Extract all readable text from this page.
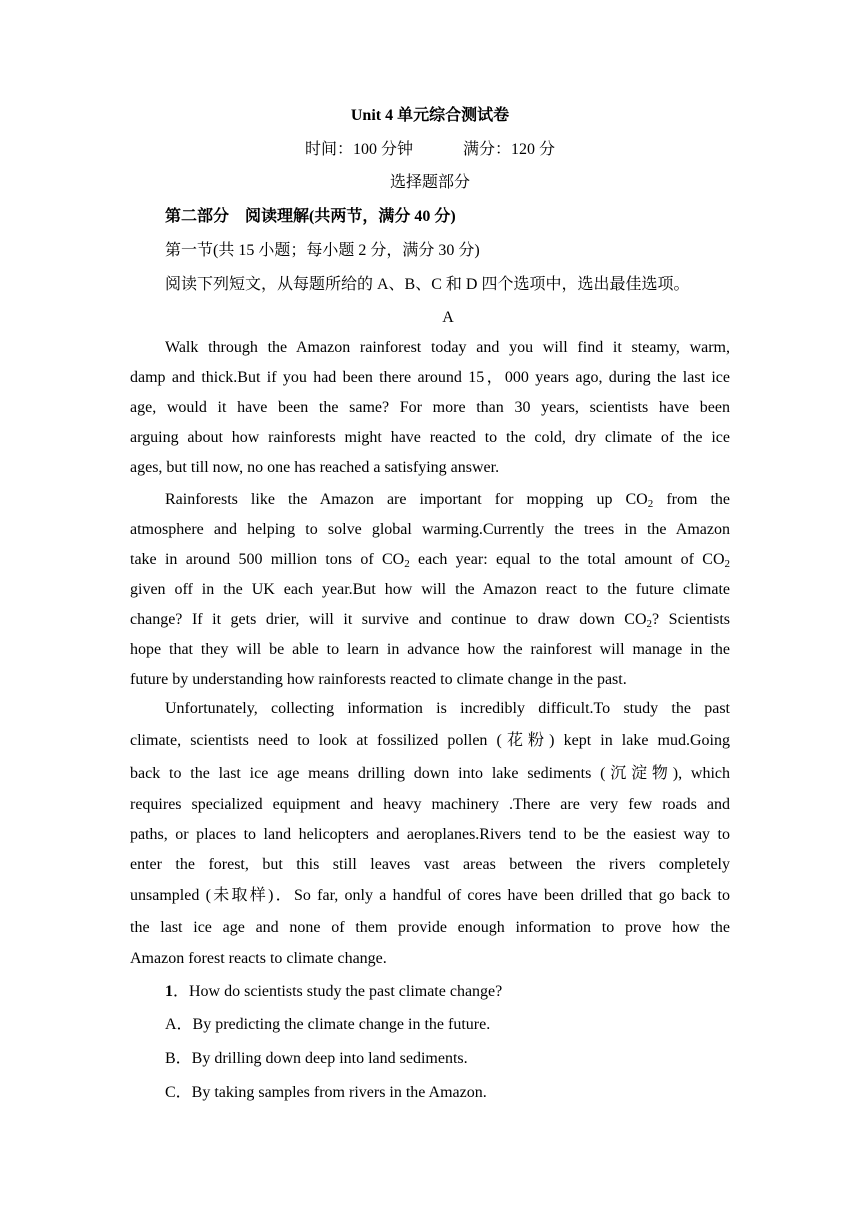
Unit 4 单元综合测试卷
时间：100 分钟	满分：120 分
选择题部分
第二部分　阅读理解(共两节，满分 40 分)
第一节(共 15 小题；每小题 2 分，满分 30 分)
阅读下列短文，从每题所给的 A、B、C 和 D 四个选项中，选出最佳选项。
A
Walk through the Amazon rainforest today and you will find it steamy, warm,
damp and thick.But if you had been there around 15，000 years ago, during the last ice
age, would it have been the same? For more than 30 years, scientists have been
arguing about how rainforests might have reacted to the cold, dry climate of the ice
ages, but till now, no one has reached a satisfying answer.
Rainforests like the Amazon are important for mopping up $CO_2$ from the
atmosphere and helping to solve global warming.Currently the trees in the Amazon
take in around 500 million tons of $CO_2$ each year: equal to the total amount of $CO_2$
given off in the UK each year.But how will the Amazon react to the future climate
change? If it gets drier, will it survive and continue to draw down $CO_2$? Scientists
hope that they will be able to learn in advance how the rainforest will manage in the
future by understanding how rainforests reacted to climate change in the past.
Unfortunately, collecting information is incredibly difficult.To study the past
climate, scientists need to look at fossilized pollen (花粉) kept in lake mud.Going
back to the last ice age means drilling down into lake sediments (沉淀物), which
requires specialized equipment and heavy machinery .There are very few roads and
paths, or places to land helicopters and aeroplanes.Rivers tend to be the easiest way to
enter the forest, but this still leaves vast areas between the rivers completely
unsampled (未取样)．So far, only a handful of cores have been drilled that go back to
the last ice age and none of them provide enough information to prove how the
Amazon forest reacts to climate change.
1．How do scientists study the past climate change?
A．By predicting the climate change in the future.
B．By drilling down deep into land sediments.
C．By taking samples from rivers in the Amazon.
